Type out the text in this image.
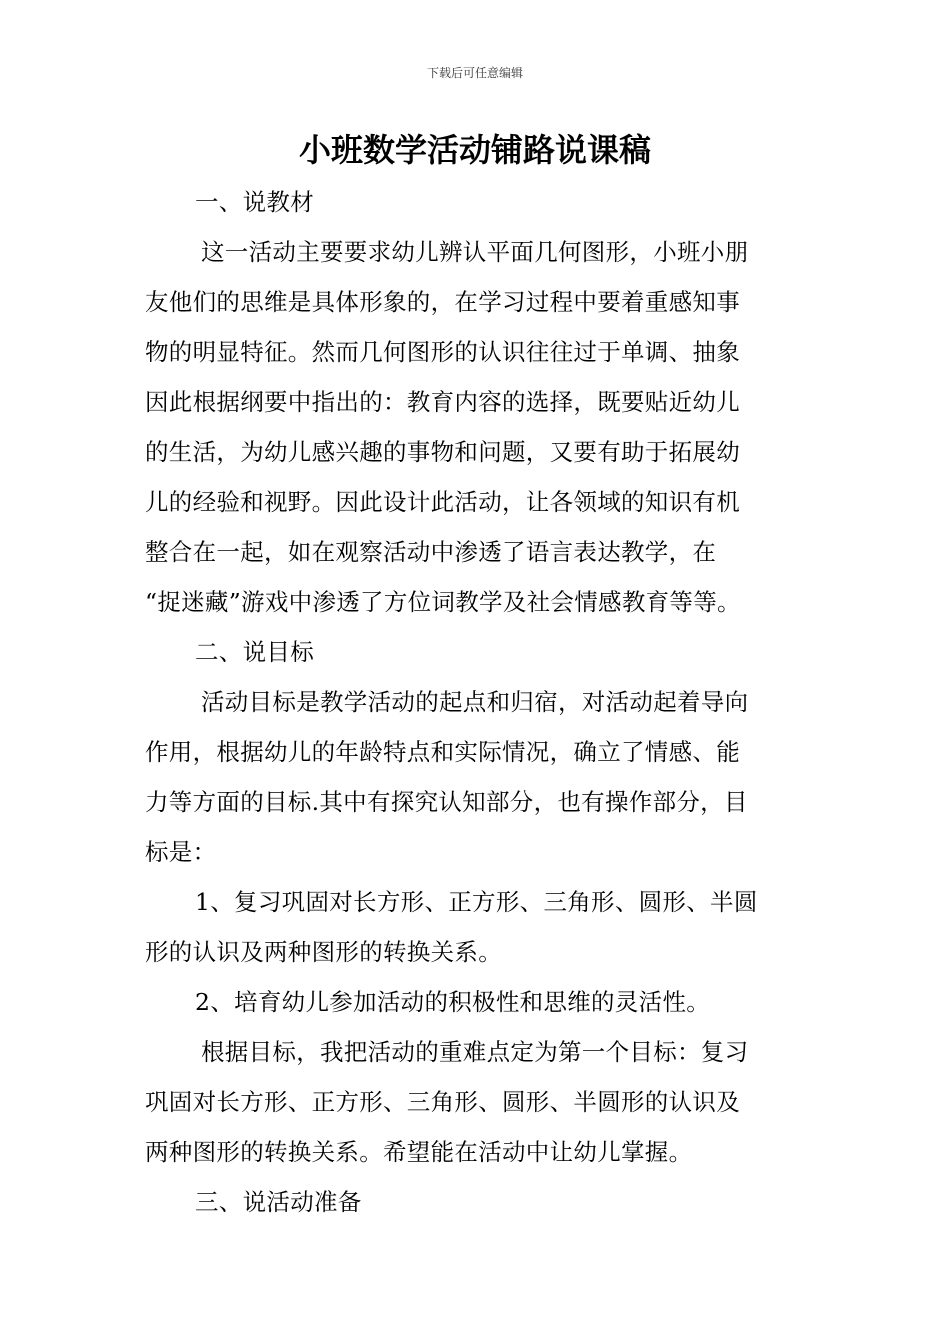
下载后可任意编辑
小班数学活动铺路说课稿
一、说教材
这一活动主要要求幼儿辨认平面几何图形，小班小朋
友他们的思维是具体形象的，在学习过程中要着重感知事
物的明显特征。然而几何图形的认识往往过于单调、抽象
因此根据纲要中指出的：教育内容的选择，既要贴近幼儿
的生活，为幼儿感兴趣的事物和问题，又要有助于拓展幼
儿的经验和视野。因此设计此活动，让各领域的知识有机
整合在一起，如在观察活动中渗透了语言表达教学，在
“捉迷藏”游戏中渗透了方位词教学及社会情感教育等等。
二、说目标
活动目标是教学活动的起点和归宿，对活动起着导向
作用，根据幼儿的年龄特点和实际情况，确立了情感、能
力等方面的目标.其中有探究认知部分，也有操作部分，目
标是：
1、复习巩固对长方形、正方形、三角形、圆形、半圆
形的认识及两种图形的转换关系。
2、培育幼儿参加活动的积极性和思维的灵活性。
根据目标，我把活动的重难点定为第一个目标：复习
巩固对长方形、正方形、三角形、圆形、半圆形的认识及
两种图形的转换关系。希望能在活动中让幼儿掌握。
三、说活动准备
